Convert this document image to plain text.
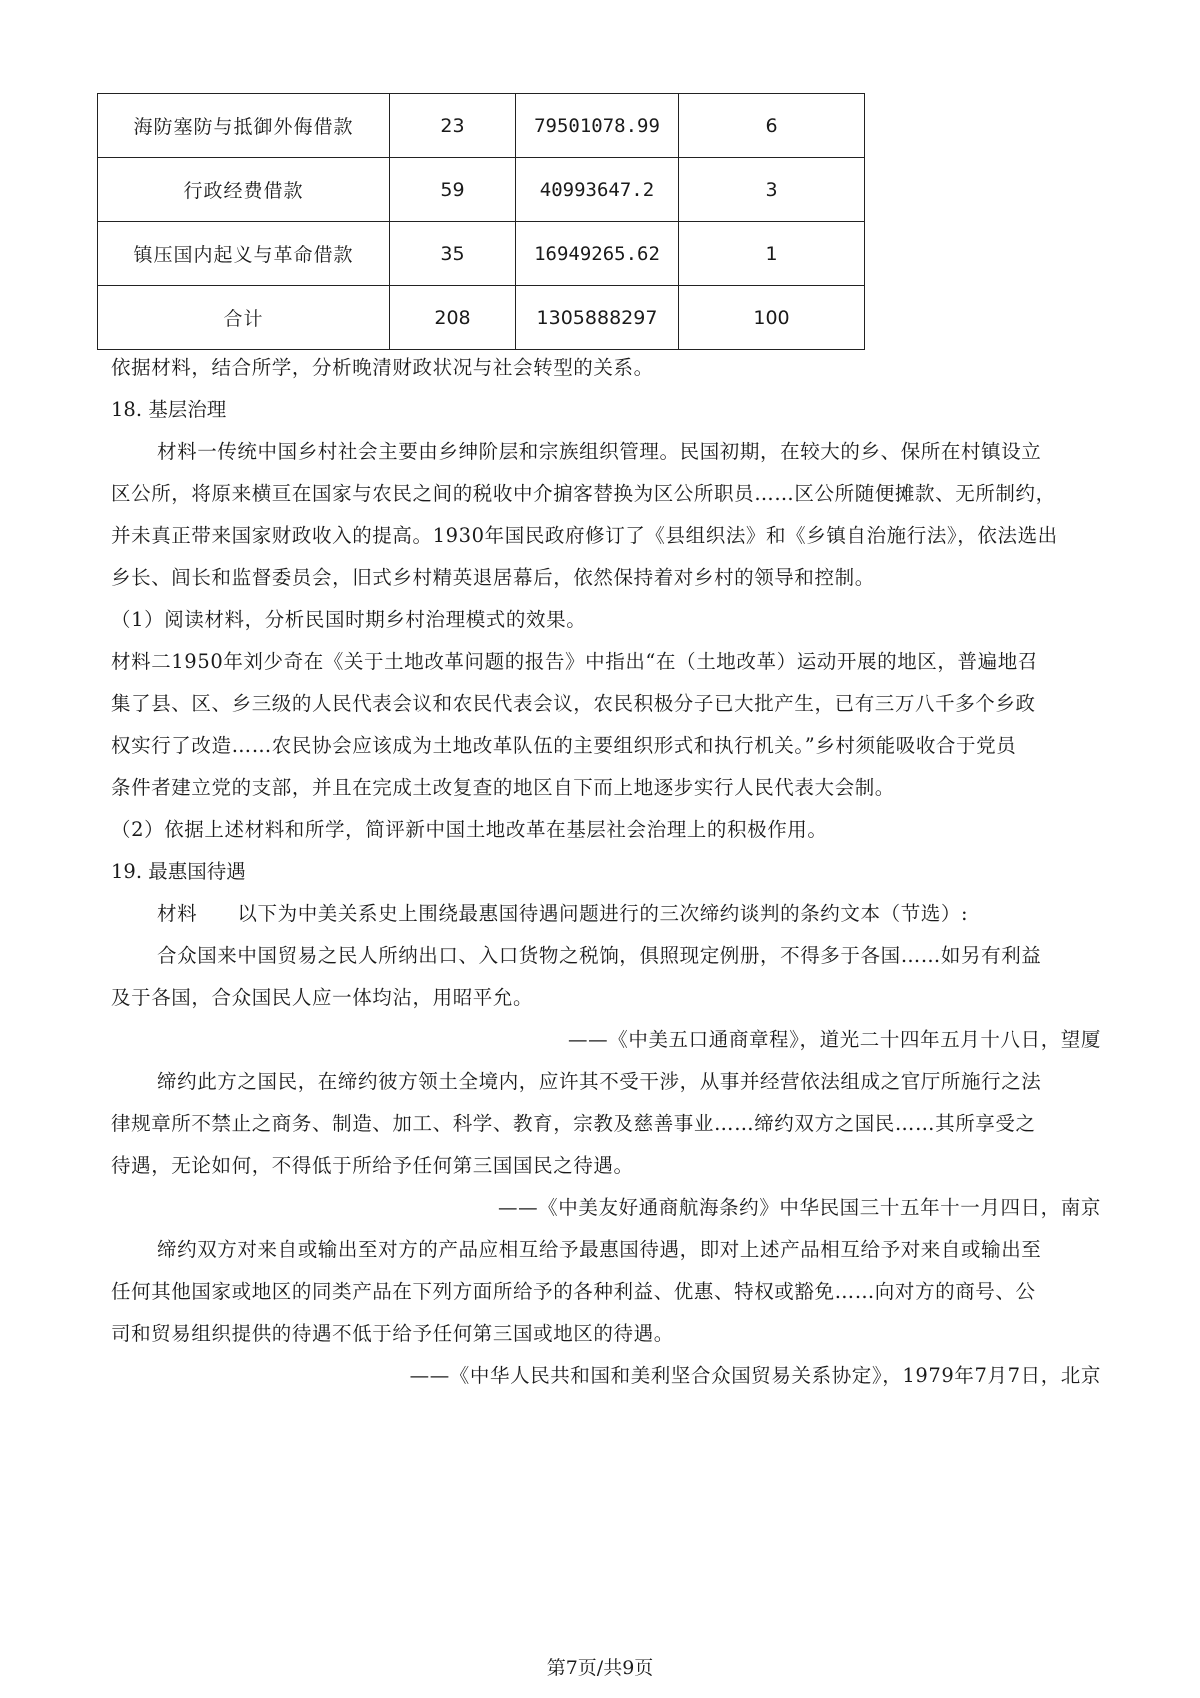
海防塞防与抵御外侮借款	23	79501078.99	6
行政经费借款	59	40993647.2	3
镇压国内起义与革命借款	35	16949265.62	1
合计	208	1305888297	100

依据材料，结合所学，分析晚清财政状况与社会转型的关系。

18. 基层治理

材料一传统中国乡村社会主要由乡绅阶层和宗族组织管理。民国初期，在较大的乡、保所在村镇设立

区公所，将原来横亘在国家与农民之间的税收中介掮客替换为区公所职员……区公所随便摊款、无所制约，

并未真正带来国家财政收入的提高。1930年国民政府修订了《县组织法》和《乡镇自治施行法》，依法选出

乡长、闾长和监督委员会，旧式乡村精英退居幕后，依然保持着对乡村的领导和控制。

（1）阅读材料，分析民国时期乡村治理模式的效果。

材料二1950年刘少奇在《关于土地改革问题的报告》中指出“在（土地改革）运动开展的地区，普遍地召

集了县、区、乡三级的人民代表会议和农民代表会议，农民积极分子已大批产生，已有三万八千多个乡政

权实行了改造……农民协会应该成为土地改革队伍的主要组织形式和执行机关。”乡村须能吸收合于党员

条件者建立党的支部，并且在完成土改复查的地区自下而上地逐步实行人民代表大会制。

（2）依据上述材料和所学，简评新中国土地改革在基层社会治理上的积极作用。

19. 最惠国待遇

材料　　以下为中美关系史上围绕最惠国待遇问题进行的三次缔约谈判的条约文本（节选）:

合众国来中国贸易之民人所纳出口、入口货物之税饷，俱照现定例册，不得多于各国……如另有利益

及于各国，合众国民人应一体均沾，用昭平允。

——《中美五口通商章程》，道光二十四年五月十八日，望厦

缔约此方之国民，在缔约彼方领土全境内，应许其不受干涉，从事并经营依法组成之官厅所施行之法

律规章所不禁止之商务、制造、加工、科学、教育，宗教及慈善事业……缔约双方之国民……其所享受之

待遇，无论如何，不得低于所给予任何第三国国民之待遇。

——《中美友好通商航海条约》中华民国三十五年十一月四日，南京

缔约双方对来自或输出至对方的产品应相互给予最惠国待遇，即对上述产品相互给予对来自或输出至

任何其他国家或地区的同类产品在下列方面所给予的各种利益、优惠、特权或豁免……向对方的商号、公

司和贸易组织提供的待遇不低于给予任何第三国或地区的待遇。

——《中华人民共和国和美利坚合众国贸易关系协定》，1979年7月7日，北京

第7页/共9页
